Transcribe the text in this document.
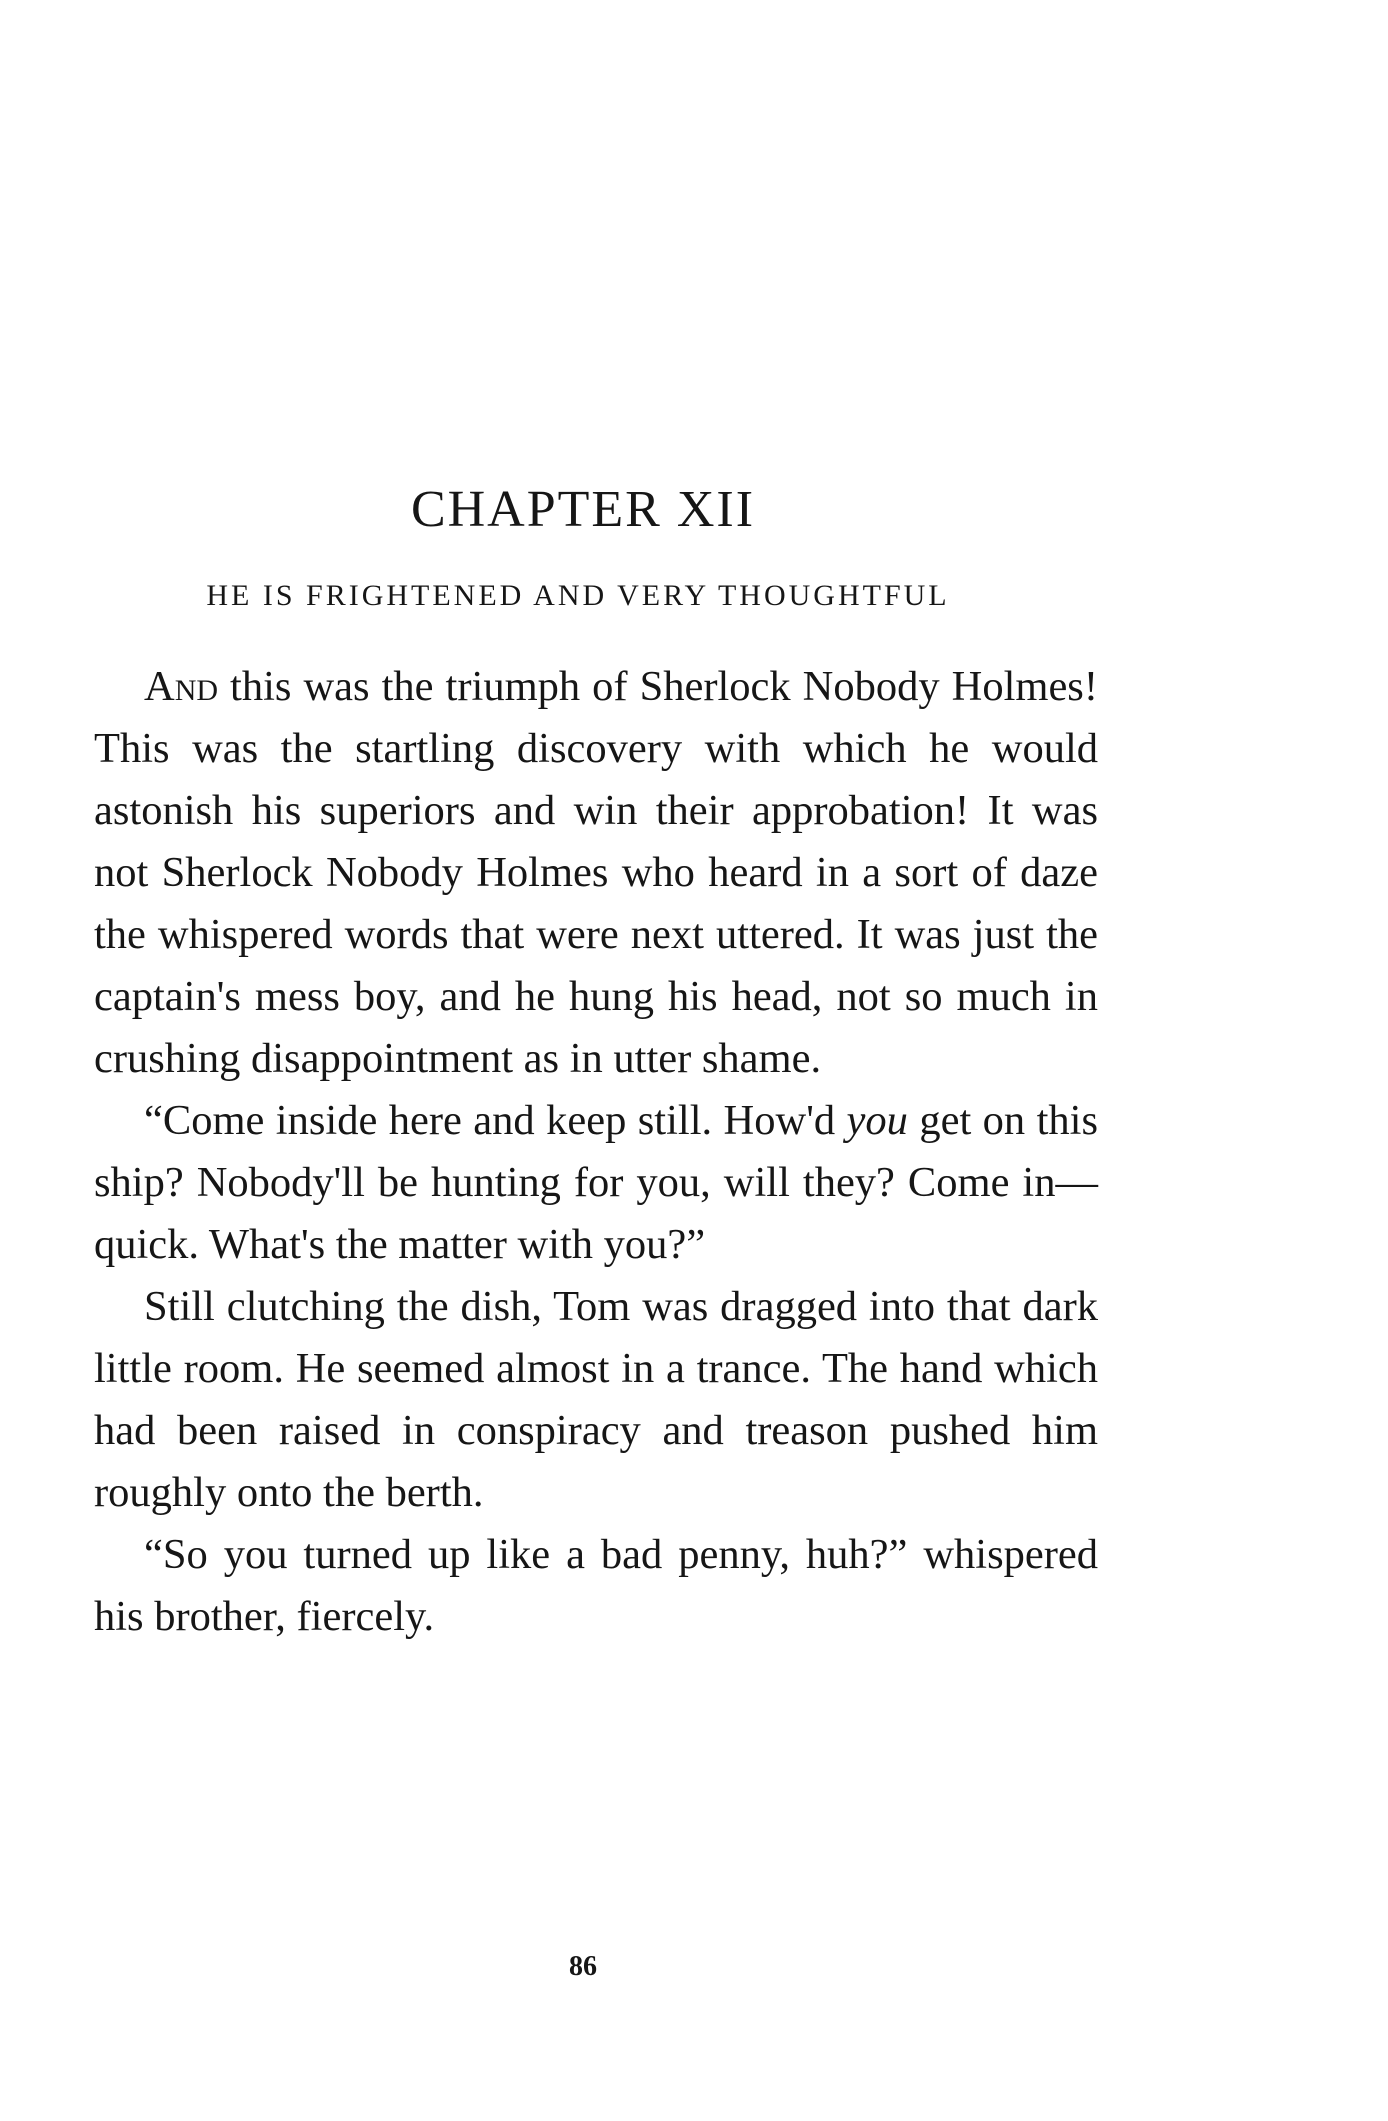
CHAPTER XII
HE IS FRIGHTENED AND VERY THOUGHTFUL

And this was the triumph of Sherlock Nobody Holmes! This was the startling discovery with which he would astonish his superiors and win their approbation! It was not Sherlock Nobody Holmes who heard in a sort of daze the whispered words that were next uttered. It was just the captain's mess boy, and he hung his head, not so much in crushing disappointment as in utter shame.

“Come inside here and keep still. How'd you get on this ship? Nobody'll be hunting for you, will they? Come in—quick. What's the matter with you?”

Still clutching the dish, Tom was dragged into that dark little room. He seemed almost in a trance. The hand which had been raised in conspiracy and treason pushed him roughly onto the berth.

“So you turned up like a bad penny, huh?” whispered his brother, fiercely.

86
